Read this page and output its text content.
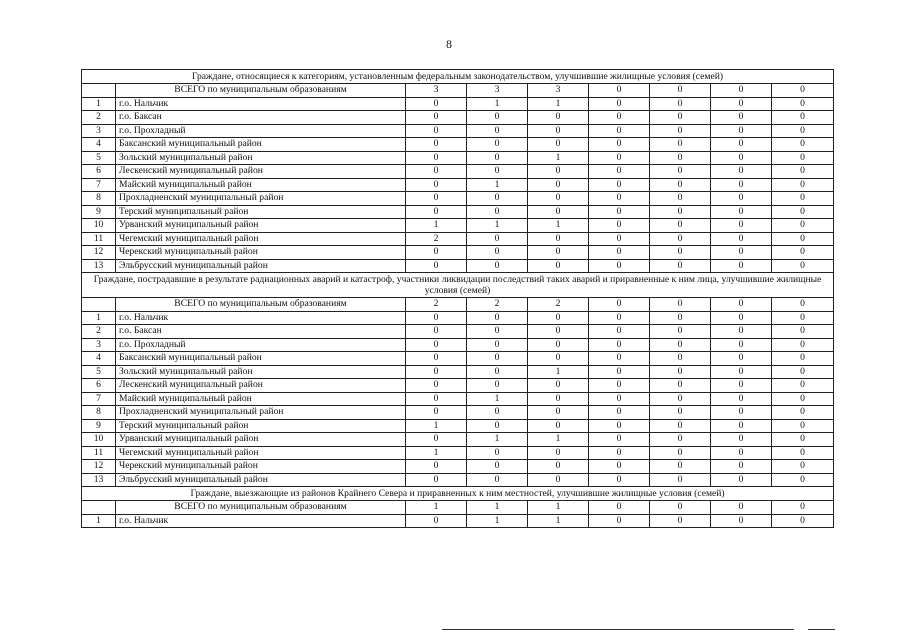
8
Граждане, относящиеся к категориям, установленным федеральным законодательством, улучшившие жилищные условия (семей)								
	ВСЕГО по муниципальным образованиям	3	3	3	0	0	0	0
1	г.о. Нальчик	0	1	1	0	0	0	0
2	г.о. Баксан	0	0	0	0	0	0	0
3	г.о. Прохладный	0	0	0	0	0	0	0
4	Баксанский муниципальный район	0	0	0	0	0	0	0
5	Зольский муниципальный район	0	0	1	0	0	0	0
6	Лескенский муниципальный район	0	0	0	0	0	0	0
7	Майский муниципальный район	0	1	0	0	0	0	0
8	Прохладненский муниципальный район	0	0	0	0	0	0	0
9	Терский муниципальный район	0	0	0	0	0	0	0
10	Урванский муниципальный район	1	1	1	0	0	0	0
11	Чегемский муниципальный район	2	0	0	0	0	0	0
12	Черекский муниципальный район	0	0	0	0	0	0	0
13	Эльбрусский муниципальный район	0	0	0	0	0	0	0
Граждане, пострадавшие в результате радиационных аварий и катастроф, участники ликвидации последствий таких аварий и приравненные к ним лица, улучшившие жилищные условия (семей)								
	ВСЕГО по муниципальным образованиям	2	2	2	0	0	0	0
1	г.о. Нальчик	0	0	0	0	0	0	0
2	г.о. Баксан	0	0	0	0	0	0	0
3	г.о. Прохладный	0	0	0	0	0	0	0
4	Баксанский муниципальный район	0	0	0	0	0	0	0
5	Зольский муниципальный район	0	0	1	0	0	0	0
6	Лескенский муниципальный район	0	0	0	0	0	0	0
7	Майский муниципальный район	0	1	0	0	0	0	0
8	Прохладненский муниципальный район	0	0	0	0	0	0	0
9	Терский муниципальный район	1	0	0	0	0	0	0
10	Урванский муниципальный район	0	1	1	0	0	0	0
11	Чегемский муниципальный район	1	0	0	0	0	0	0
12	Черекский муниципальный район	0	0	0	0	0	0	0
13	Эльбрусский муниципальный район	0	0	0	0	0	0	0
Граждане, выезжающие из районов Крайнего Севера и приравненных к ним местностей, улучшившие жилищные условия (семей)								
	ВСЕГО по муниципальным образованиям	1	1	1	0	0	0	0
1	г.о. Нальчик	0	1	1	0	0	0	0
